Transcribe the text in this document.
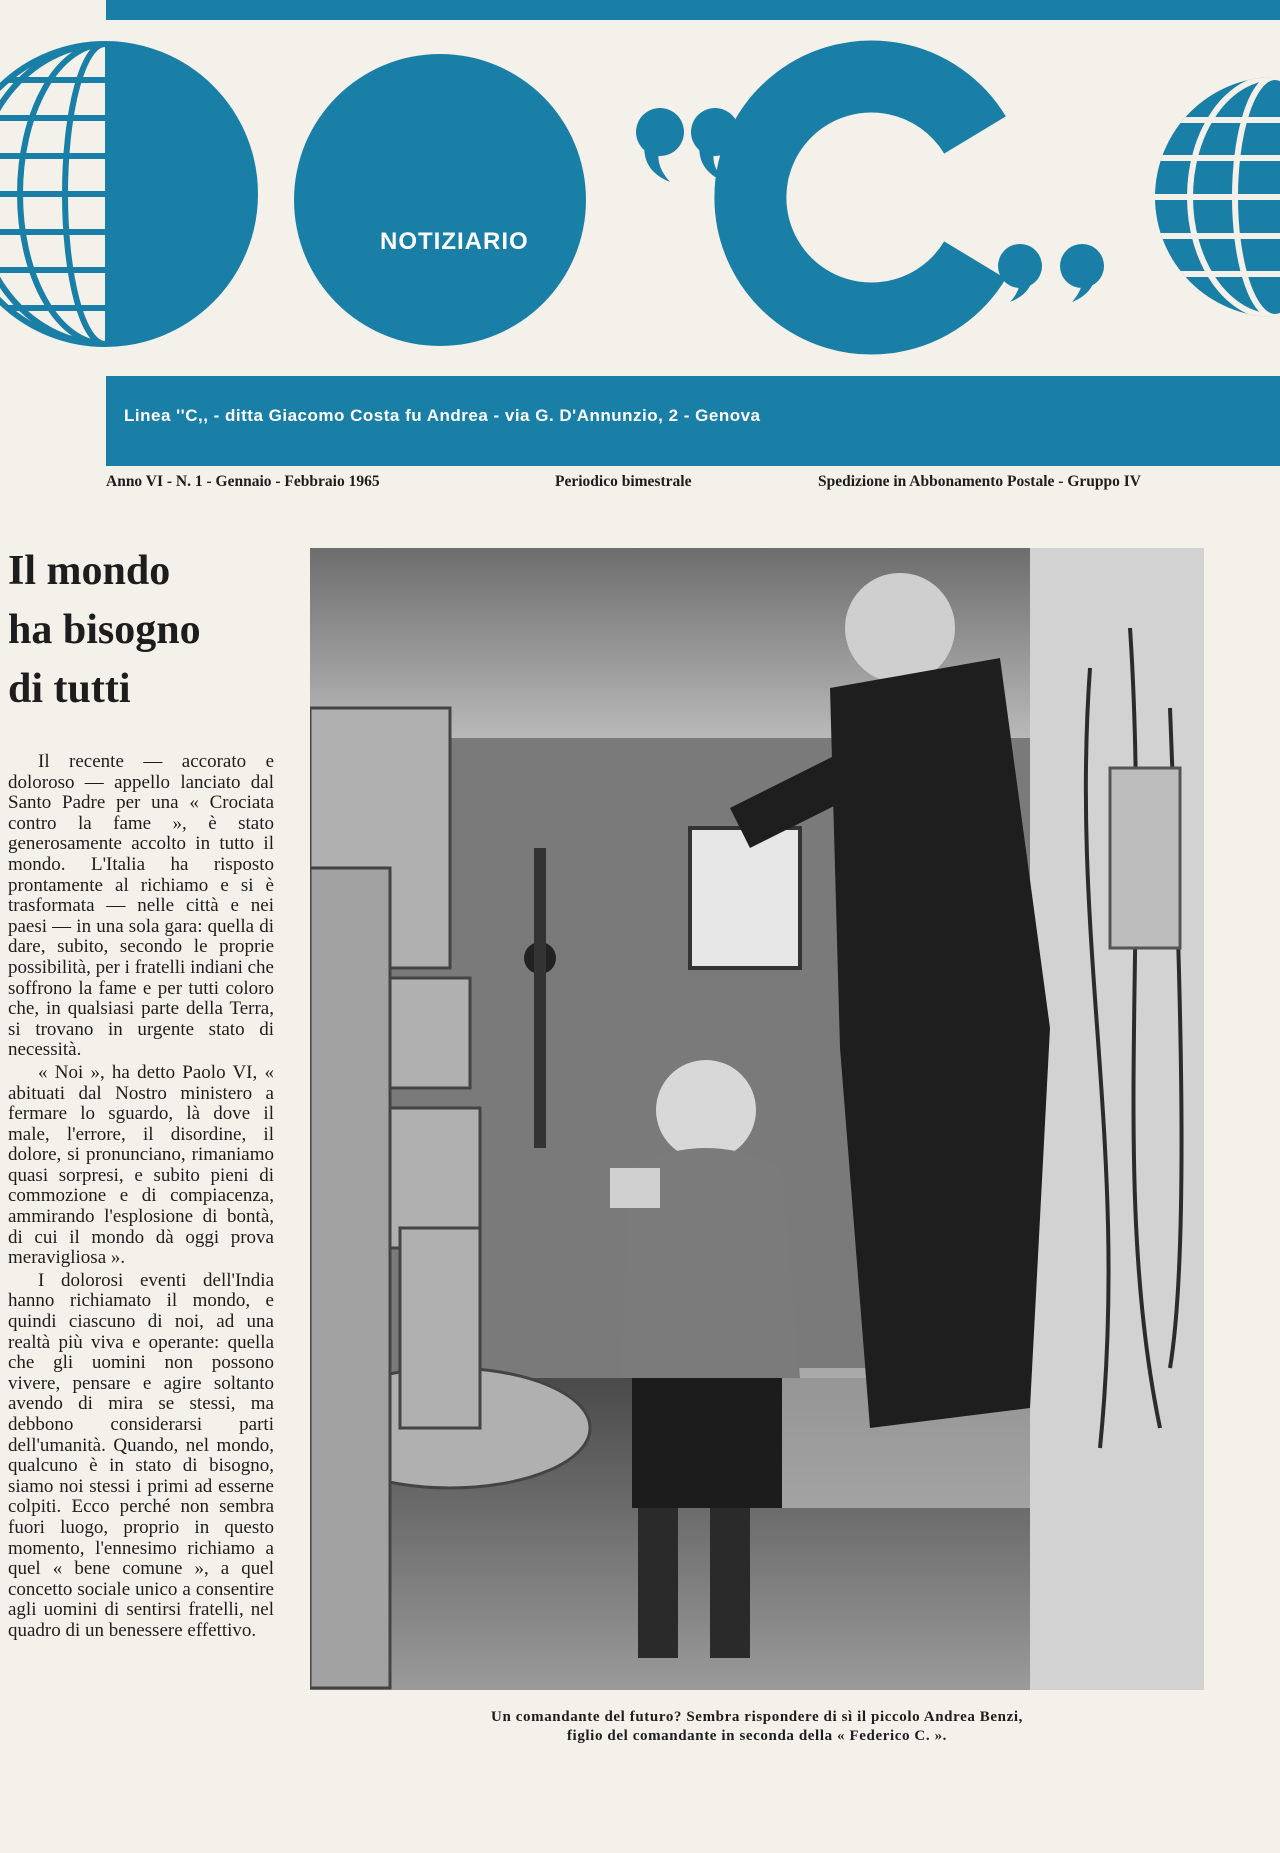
NOTIZIARIO
Linea ''C,, - ditta Giacomo Costa fu Andrea - via G. D'Annunzio, 2 - Genova
Anno VI - N. 1 - Gennaio - Febbraio 1965	Periodico bimestrale	Spedizione in Abbonamento Postale - Gruppo IV
Il mondo
ha bisogno
di tutti

Il recente — accorato e doloroso — appello lanciato dal Santo Padre per una « Crociata contro la fame », è stato generosamente accolto in tutto il mondo. L'Italia ha risposto prontamente al richiamo e si è trasformata — nelle città e nei paesi — in una sola gara: quella di dare, subito, secondo le proprie possibilità, per i fratelli indiani che soffrono la fame e per tutti coloro che, in qualsiasi parte della Terra, si trovano in urgente stato di necessità.

« Noi », ha detto Paolo VI, « abituati dal Nostro ministero a fermare lo sguardo, là dove il male, l'errore, il disordine, il dolore, si pronunciano, rimaniamo quasi sorpresi, e subito pieni di commozione e di compiacenza, ammirando l'esplosione di bontà, di cui il mondo dà oggi prova meravigliosa ».

I dolorosi eventi dell'India hanno richiamato il mondo, e quindi ciascuno di noi, ad una realtà più viva e operante: quella che gli uomini non possono vivere, pensare e agire soltanto avendo di mira se stessi, ma debbono considerarsi parti dell'umanità. Quando, nel mondo, qualcuno è in stato di bisogno, siamo noi stessi i primi ad esserne colpiti. Ecco perché non sembra fuori luogo, proprio in questo momento, l'ennesimo richiamo a quel « bene comune », a quel concetto sociale unico a consentire agli uomini di sentirsi fratelli, nel quadro di un benessere effettivo.

Un comandante del futuro? Sembra rispondere di sì il piccolo Andrea Benzi,
figlio del comandante in seconda della « Federico C. ».
